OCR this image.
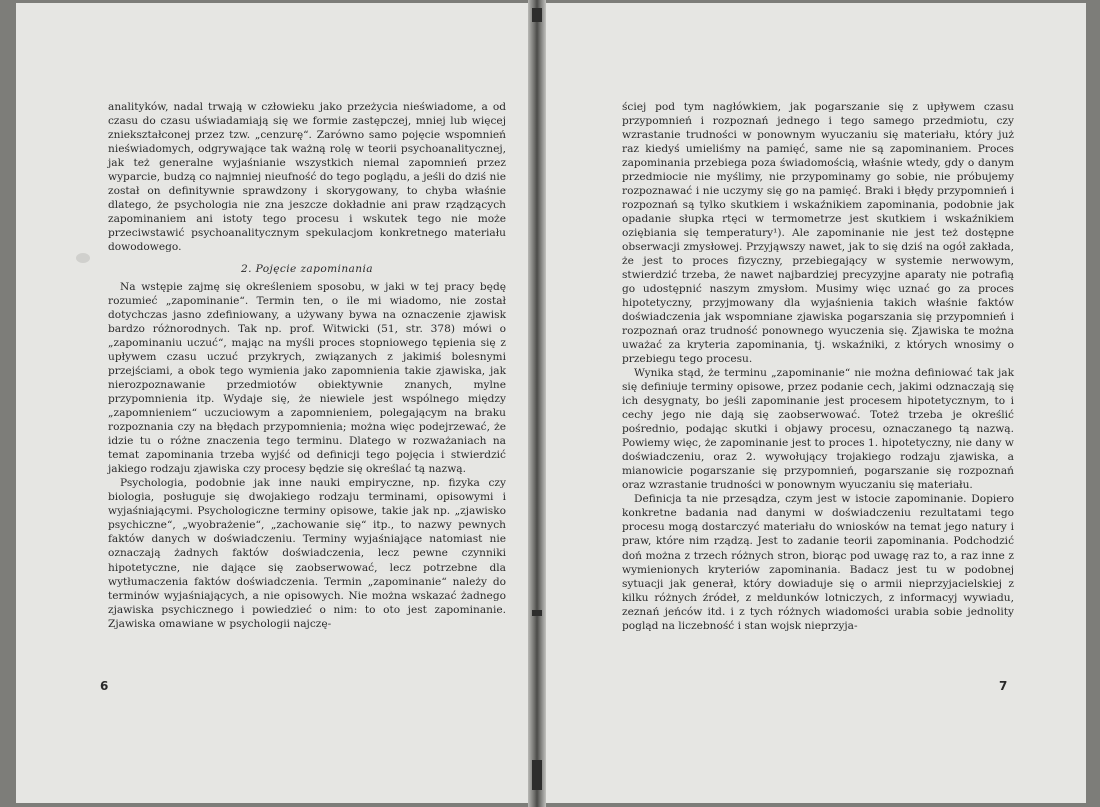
analityków, nadal trwają w człowieku jako przeżycia nieświadome, a od czasu do czasu uświadamiają się we formie zastępczej, mniej lub więcej zniekształconej przez tzw. „cenzurę“. Zarówno samo pojęcie wspomnień nieświadomych, odgrywające tak ważną rolę w teorii psychoanalitycznej, jak też generalne wyjaśnianie wszystkich niemal zapomnień przez wyparcie, budzą co najmniej nieufność do tego poglądu, a jeśli do dziś nie został on definitywnie sprawdzony i skorygowany, to chyba właśnie dlatego, że psychologia nie zna jeszcze dokładnie ani praw rządzących zapominaniem ani istoty tego procesu i wskutek tego nie może przeciwstawić psychoanalitycznym spekulacjom konkretnego materiału dowodowego.

2. Pojęcie zapominania

Na wstępie zajmę się określeniem sposobu, w jaki w tej pracy będę rozumieć „zapominanie“. Termin ten, o ile mi wiadomo, nie został dotychczas jasno zdefiniowany, a używany bywa na oznaczenie zjawisk bardzo różnorodnych. Tak np. prof. Witwicki (51, str. 378) mówi o „zapominaniu uczuć“, mając na myśli proces stopniowego tępienia się z upływem czasu uczuć przykrych, związanych z jakimiś bolesnymi przejściami, a obok tego wymienia jako zapomnienia takie zjawiska, jak nierozpoznawanie przedmiotów obiektywnie znanych, mylne przypomnienia itp. Wydaje się, że niewiele jest wspólnego między „zapomnieniem“ uczuciowym a zapomnieniem, polegającym na braku rozpoznania czy na błędach przypomnienia; można więc podejrzewać, że idzie tu o różne znaczenia tego terminu. Dlatego w rozważaniach na temat zapominania trzeba wyjść od definicji tego pojęcia i stwierdzić jakiego rodzaju zjawiska czy procesy będzie się określać tą nazwą.

Psychologia, podobnie jak inne nauki empiryczne, np. fizyka czy biologia, posługuje się dwojakiego rodzaju terminami, opisowymi i wyjaśniającymi. Psychologiczne terminy opisowe, takie jak np. „zjawisko psychiczne“, „wyobrażenie“, „zachowanie się“ itp., to nazwy pewnych faktów danych w doświadczeniu. Terminy wyjaśniające natomiast nie oznaczają żadnych faktów doświadczenia, lecz pewne czynniki hipotetyczne, nie dające się zaobserwować, lecz potrzebne dla wytłumaczenia faktów doświadczenia. Termin „zapominanie“ należy do terminów wyjaśniających, a nie opisowych. Nie można wskazać żadnego zjawiska psychicznego i powiedzieć o nim: to oto jest zapominanie. Zjawiska omawiane w psychologii najczę-

6

ściej pod tym nagłówkiem, jak pogarszanie się z upływem czasu przypomnień i rozpoznań jednego i tego samego przedmiotu, czy wzrastanie trudności w ponownym wyuczaniu się materiału, który już raz kiedyś umieliśmy na pamięć, same nie są zapominaniem. Proces zapominania przebiega poza świadomością, właśnie wtedy, gdy o danym przedmiocie nie myślimy, nie przypominamy go sobie, nie próbujemy rozpoznawać i nie uczymy się go na pamięć. Braki i błędy przypomnień i rozpoznań są tylko skutkiem i wskaźnikiem zapominania, podobnie jak opadanie słupka rtęci w termometrze jest skutkiem i wskaźnikiem oziębiania się temperatury¹). Ale zapominanie nie jest też dostępne obserwacji zmysłowej. Przyjąwszy nawet, jak to się dziś na ogół zakłada, że jest to proces fizyczny, przebiegający w systemie nerwowym, stwierdzić trzeba, że nawet najbardziej precyzyjne aparaty nie potrafią go udostępnić naszym zmysłom. Musimy więc uznać go za proces hipotetyczny, przyjmowany dla wyjaśnienia takich właśnie faktów doświadczenia jak wspomniane zjawiska pogarszania się przypomnień i rozpoznań oraz trudność ponownego wyuczenia się. Zjawiska te można uważać za kryteria zapominania, tj. wskaźniki, z których wnosimy o przebiegu tego procesu.

Wynika stąd, że terminu „zapominanie“ nie można definiować tak jak się definiuje terminy opisowe, przez podanie cech, jakimi odznaczają się ich desygnaty, bo jeśli zapominanie jest procesem hipotetycznym, to i cechy jego nie dają się zaobserwować. Toteż trzeba je określić pośrednio, podając skutki i objawy procesu, oznaczanego tą nazwą. Powiemy więc, że zapominanie jest to proces 1. hipotetyczny, nie dany w doświadczeniu, oraz 2. wywołujący trojakiego rodzaju zjawiska, a mianowicie pogarszanie się przypomnień, pogarszanie się rozpoznań oraz wzrastanie trudności w ponownym wyuczaniu się materiału.

Definicja ta nie przesądza, czym jest w istocie zapominanie. Dopiero konkretne badania nad danymi w doświadczeniu rezultatami tego procesu mogą dostarczyć materiału do wniosków na temat jego natury i praw, które nim rządzą. Jest to zadanie teorii zapominania. Podchodzić doń można z trzech różnych stron, biorąc pod uwagę raz to, a raz inne z wymienionych kryteriów zapominania. Badacz jest tu w podobnej sytuacji jak generał, który dowiaduje się o armii nieprzyjacielskiej z kilku różnych źródeł, z meldunków lotniczych, z informacyj wywiadu, zeznań jeńców itd. i z tych różnych wiadomości urabia sobie jednolity pogląd na liczebność i stan wojsk nieprzyja-

7
